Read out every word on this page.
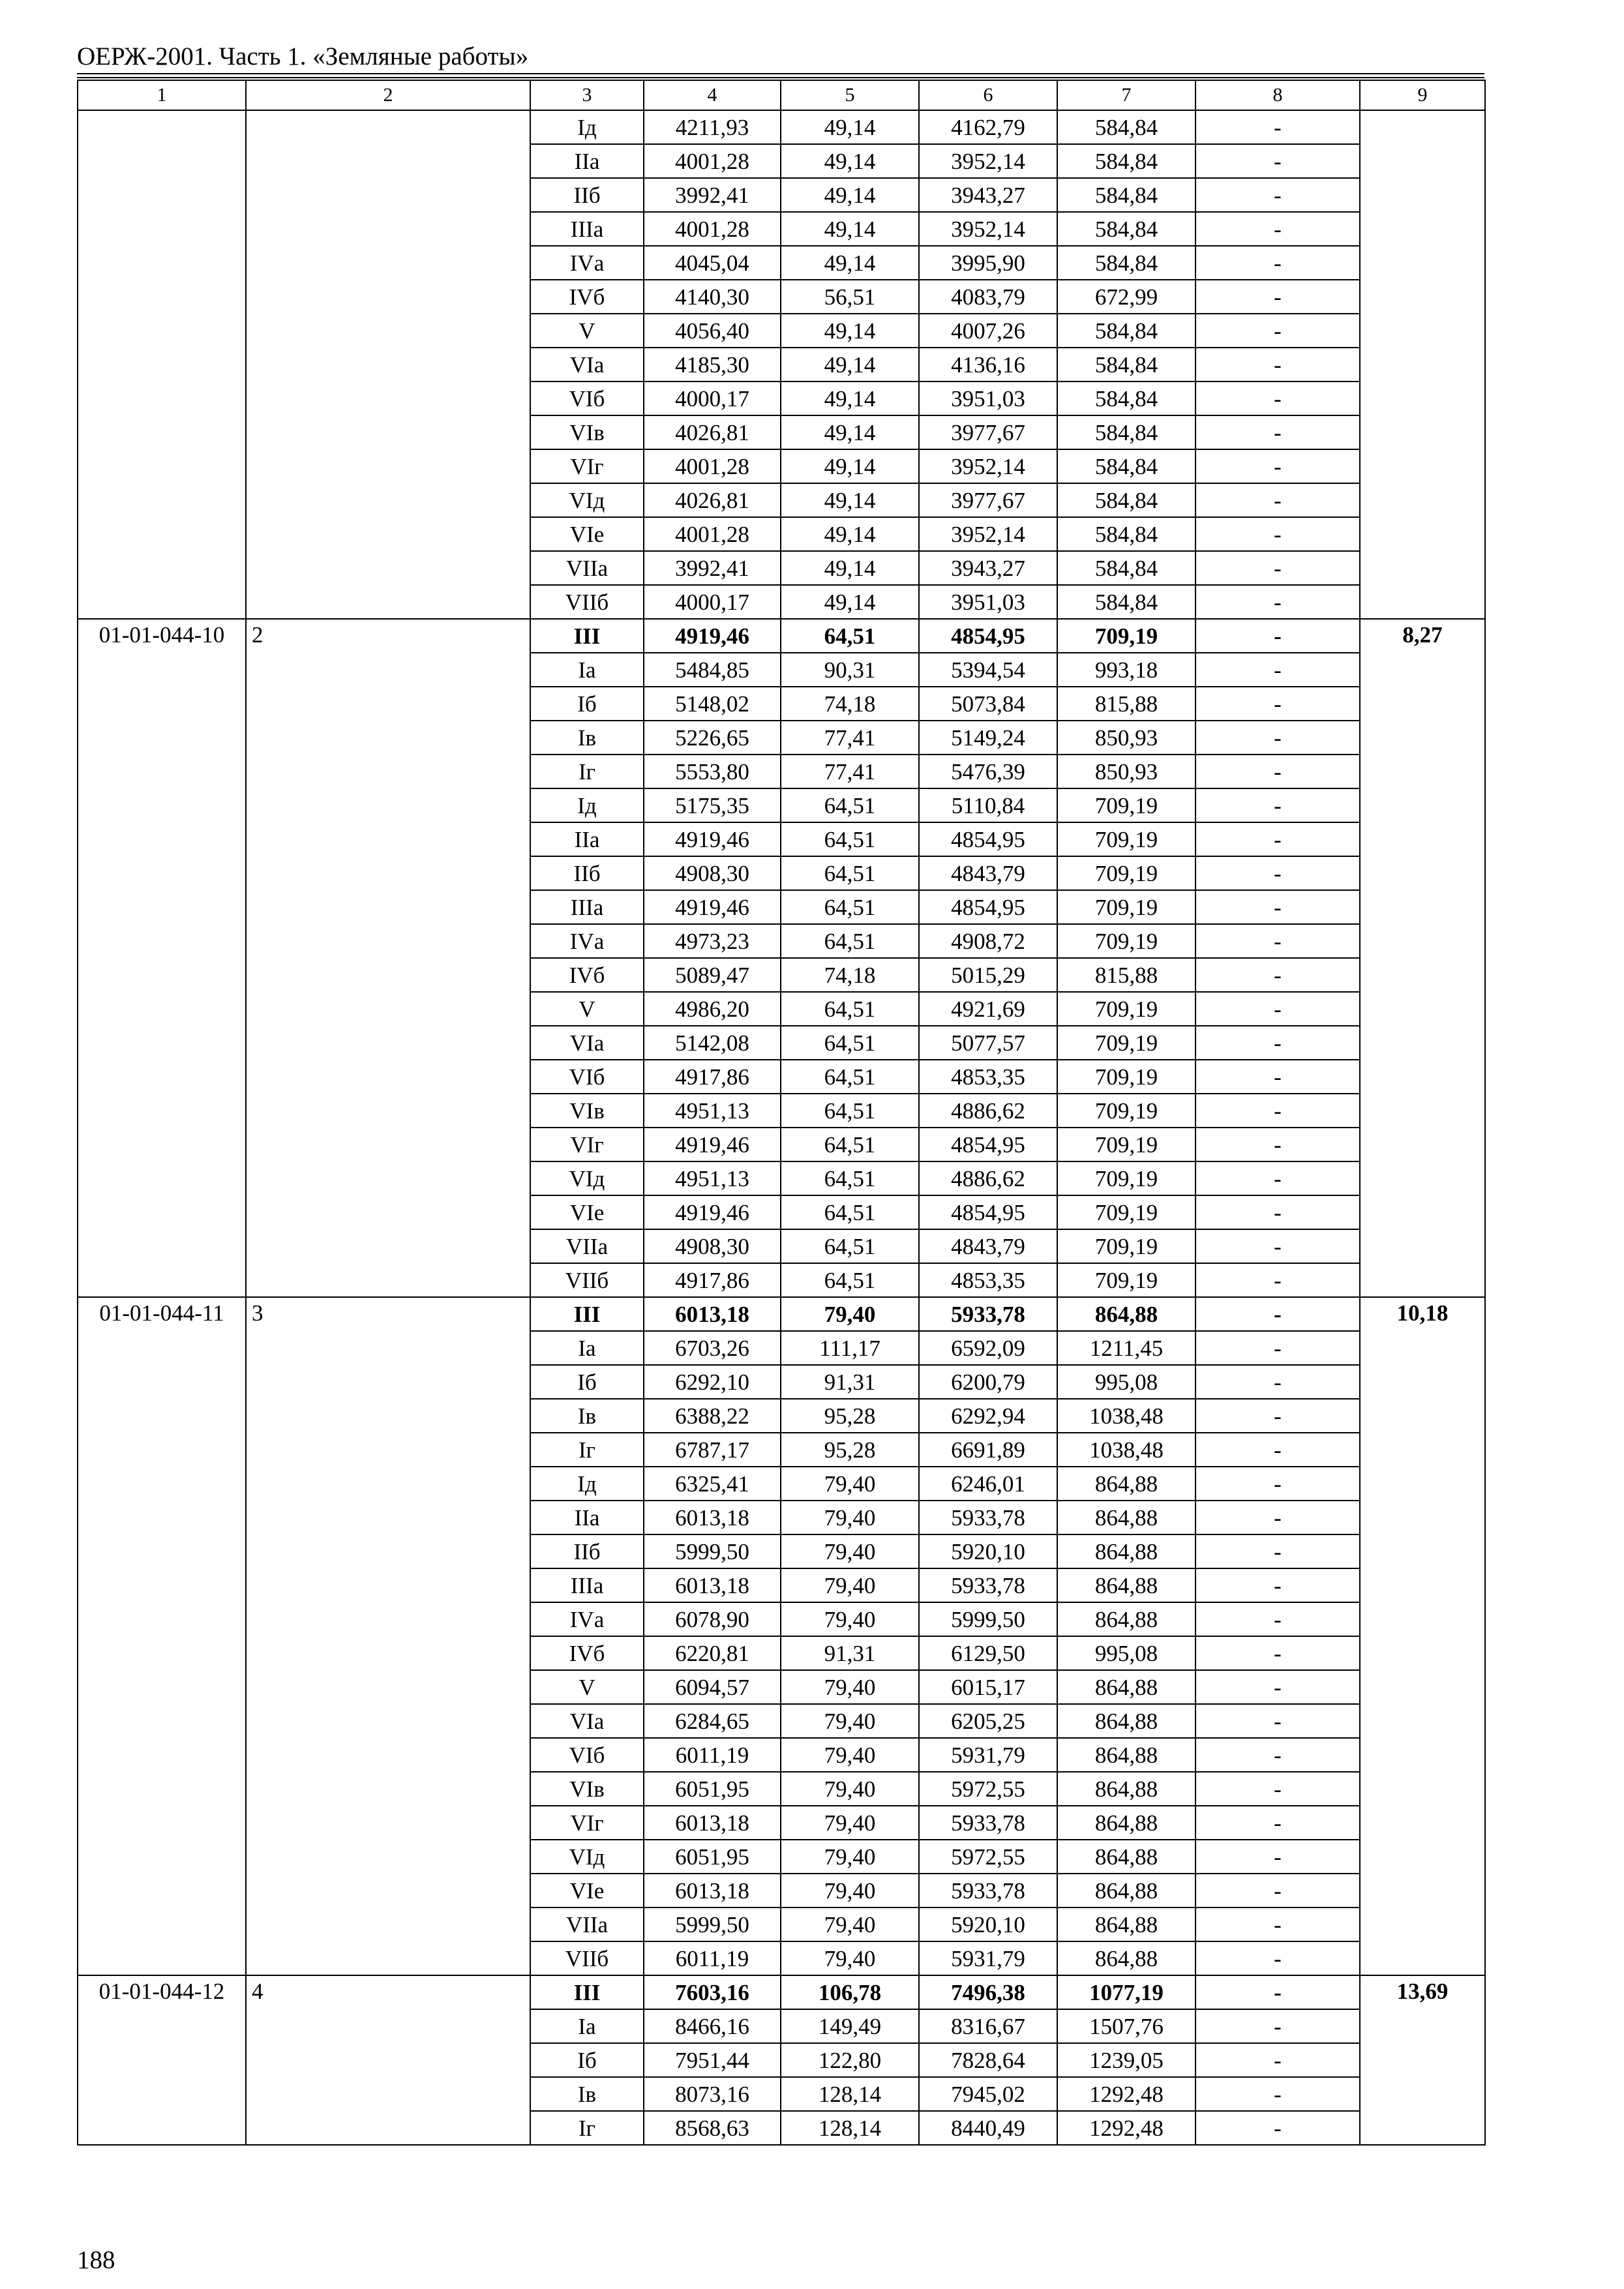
ОЕРЖ-2001. Часть 1. «Земляные работы»
1	2	3	4	5	6	7	8	9
		Iд	4211,93	49,14	4162,79	584,84	-	
		IIа	4001,28	49,14	3952,14	584,84	-	
		IIб	3992,41	49,14	3943,27	584,84	-	
		IIIа	4001,28	49,14	3952,14	584,84	-	
		IVа	4045,04	49,14	3995,90	584,84	-	
		IVб	4140,30	56,51	4083,79	672,99	-	
		V	4056,40	49,14	4007,26	584,84	-	
		VIа	4185,30	49,14	4136,16	584,84	-	
		VIб	4000,17	49,14	3951,03	584,84	-	
		VIв	4026,81	49,14	3977,67	584,84	-	
		VIг	4001,28	49,14	3952,14	584,84	-	
		VIд	4026,81	49,14	3977,67	584,84	-	
		VIе	4001,28	49,14	3952,14	584,84	-	
		VIIа	3992,41	49,14	3943,27	584,84	-	
		VIIб	4000,17	49,14	3951,03	584,84	-	
01-01-044-10	2	III	4919,46	64,51	4854,95	709,19	-	8,27
		Iа	5484,85	90,31	5394,54	993,18	-	
		Iб	5148,02	74,18	5073,84	815,88	-	
		Iв	5226,65	77,41	5149,24	850,93	-	
		Iг	5553,80	77,41	5476,39	850,93	-	
		Iд	5175,35	64,51	5110,84	709,19	-	
		IIа	4919,46	64,51	4854,95	709,19	-	
		IIб	4908,30	64,51	4843,79	709,19	-	
		IIIа	4919,46	64,51	4854,95	709,19	-	
		IVа	4973,23	64,51	4908,72	709,19	-	
		IVб	5089,47	74,18	5015,29	815,88	-	
		V	4986,20	64,51	4921,69	709,19	-	
		VIа	5142,08	64,51	5077,57	709,19	-	
		VIб	4917,86	64,51	4853,35	709,19	-	
		VIв	4951,13	64,51	4886,62	709,19	-	
		VIг	4919,46	64,51	4854,95	709,19	-	
		VIд	4951,13	64,51	4886,62	709,19	-	
		VIе	4919,46	64,51	4854,95	709,19	-	
		VIIа	4908,30	64,51	4843,79	709,19	-	
		VIIб	4917,86	64,51	4853,35	709,19	-	
01-01-044-11	3	III	6013,18	79,40	5933,78	864,88	-	10,18
		Iа	6703,26	111,17	6592,09	1211,45	-	
		Iб	6292,10	91,31	6200,79	995,08	-	
		Iв	6388,22	95,28	6292,94	1038,48	-	
		Iг	6787,17	95,28	6691,89	1038,48	-	
		Iд	6325,41	79,40	6246,01	864,88	-	
		IIа	6013,18	79,40	5933,78	864,88	-	
		IIб	5999,50	79,40	5920,10	864,88	-	
		IIIа	6013,18	79,40	5933,78	864,88	-	
		IVа	6078,90	79,40	5999,50	864,88	-	
		IVб	6220,81	91,31	6129,50	995,08	-	
		V	6094,57	79,40	6015,17	864,88	-	
		VIа	6284,65	79,40	6205,25	864,88	-	
		VIб	6011,19	79,40	5931,79	864,88	-	
		VIв	6051,95	79,40	5972,55	864,88	-	
		VIг	6013,18	79,40	5933,78	864,88	-	
		VIд	6051,95	79,40	5972,55	864,88	-	
		VIе	6013,18	79,40	5933,78	864,88	-	
		VIIа	5999,50	79,40	5920,10	864,88	-	
		VIIб	6011,19	79,40	5931,79	864,88	-	
01-01-044-12	4	III	7603,16	106,78	7496,38	1077,19	-	13,69
		Iа	8466,16	149,49	8316,67	1507,76	-	
		Iб	7951,44	122,80	7828,64	1239,05	-	
		Iв	8073,16	128,14	7945,02	1292,48	-	
		Iг	8568,63	128,14	8440,49	1292,48	-	
188
